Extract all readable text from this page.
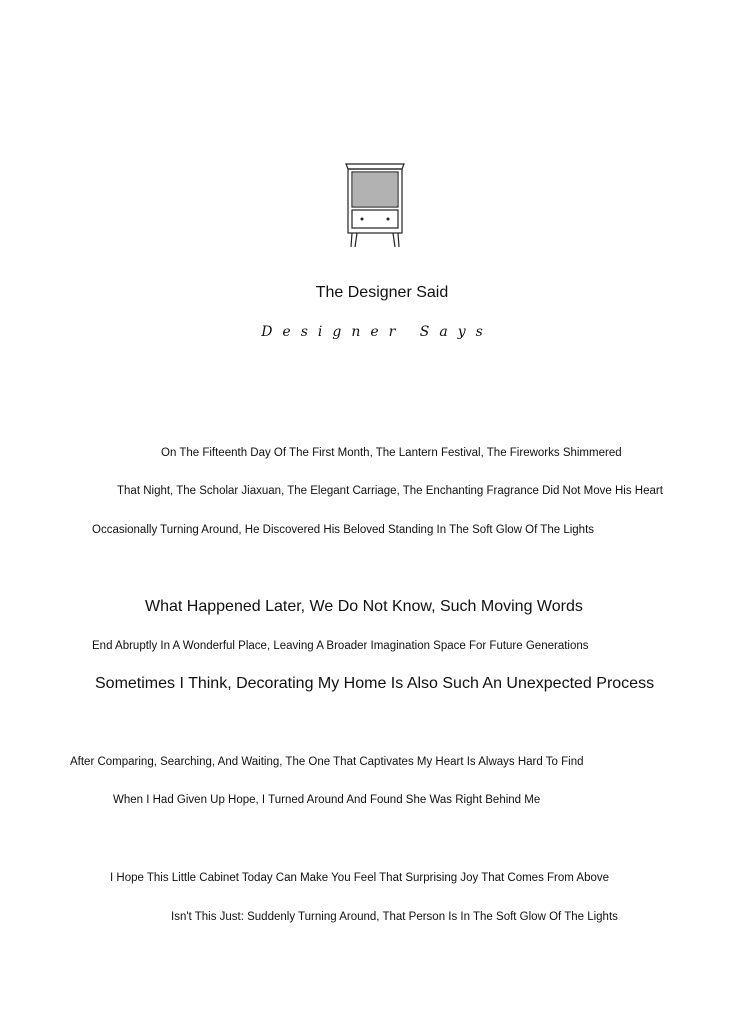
The Designer Said
Designer Says
On The Fifteenth Day Of The First Month, The Lantern Festival, The Fireworks Shimmered
That Night, The Scholar Jiaxuan, The Elegant Carriage, The Enchanting Fragrance Did Not Move His Heart
Occasionally Turning Around, He Discovered His Beloved Standing In The Soft Glow Of The Lights
What Happened Later, We Do Not Know, Such Moving Words
End Abruptly In A Wonderful Place, Leaving A Broader Imagination Space For Future Generations
Sometimes I Think, Decorating My Home Is Also Such An Unexpected Process
After Comparing, Searching, And Waiting, The One That Captivates My Heart Is Always Hard To Find
When I Had Given Up Hope, I Turned Around And Found She Was Right Behind Me
I Hope This Little Cabinet Today Can Make You Feel That Surprising Joy That Comes From Above
Isn't This Just: Suddenly Turning Around, That Person Is In The Soft Glow Of The Lights
